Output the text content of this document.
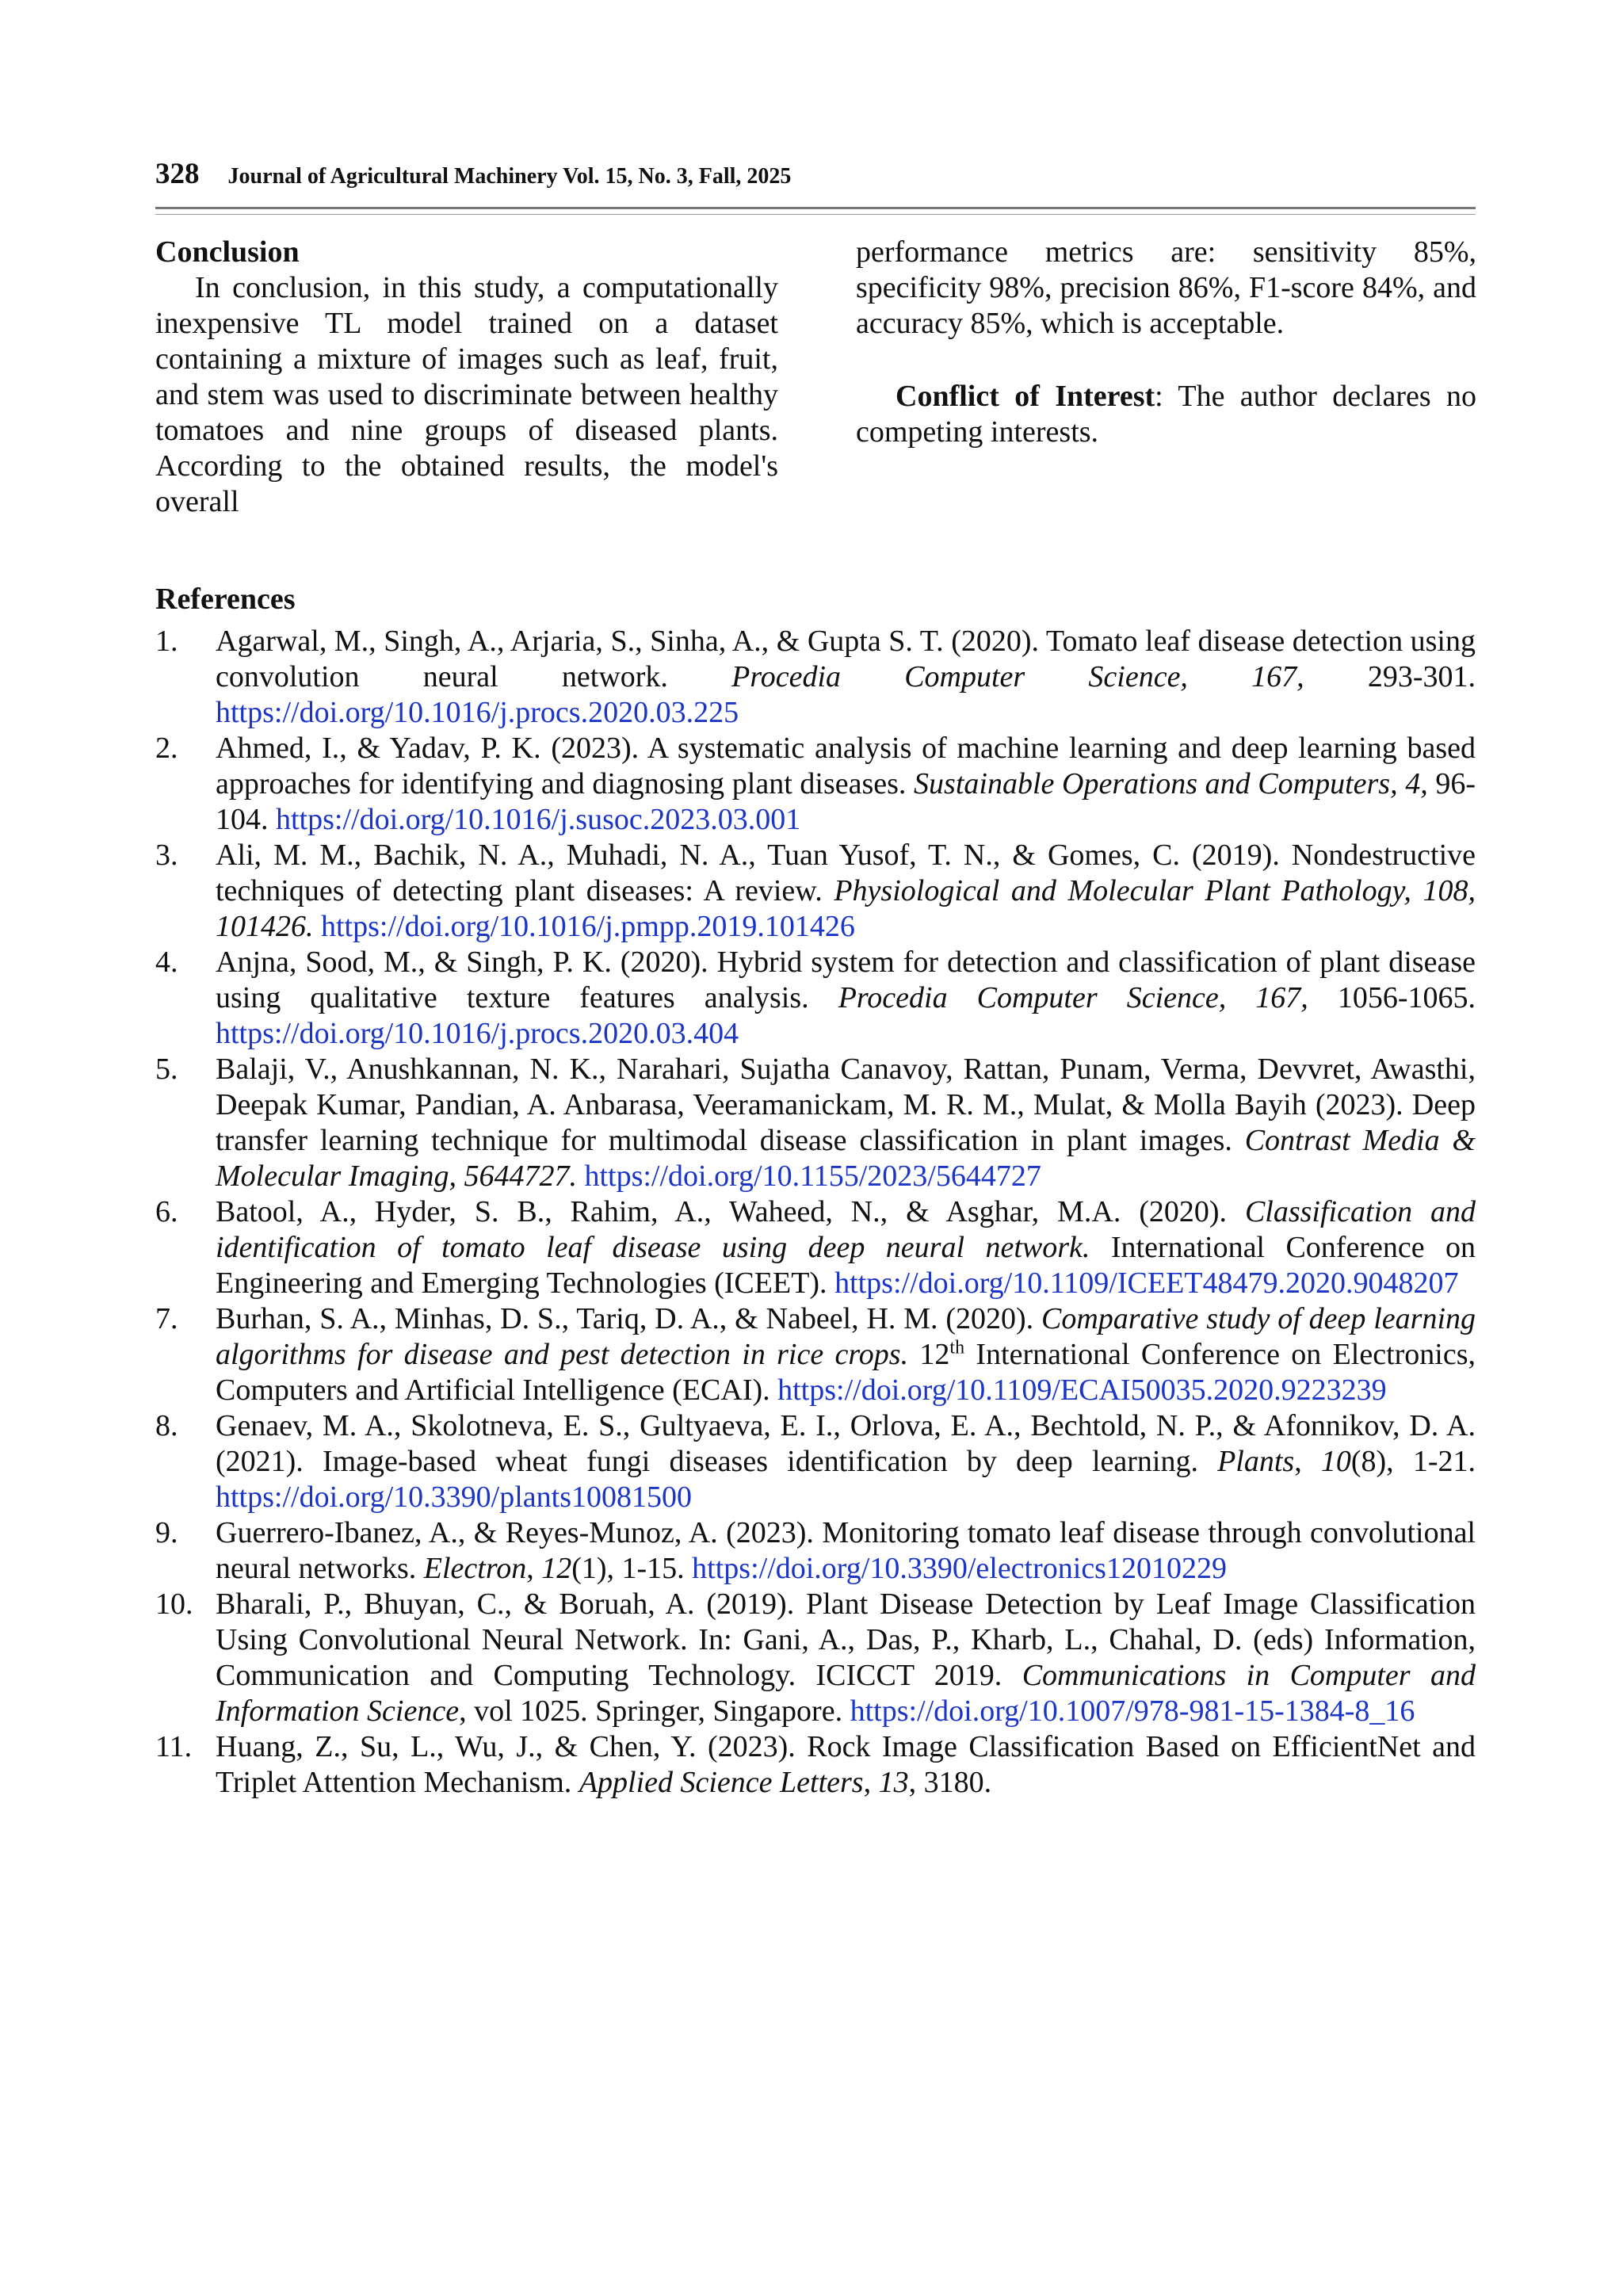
328 Journal of Agricultural Machinery Vol. 15, No. 3, Fall, 2025
Conclusion

In conclusion, in this study, a computationally inexpensive TL model trained on a dataset containing a mixture of images such as leaf, fruit, and stem was used to discriminate between healthy tomatoes and nine groups of diseased plants. According to the obtained results, the model's overall

performance metrics are: sensitivity 85%, specificity 98%, precision 86%, F1-score 84%, and accuracy 85%, which is acceptable.

Conflict of Interest: The author declares no competing interests.

References
1. Agarwal, M., Singh, A., Arjaria, S., Sinha, A., & Gupta S. T. (2020). Tomato leaf disease detection using convolution neural network. Procedia Computer Science, 167, 293-301. https://doi.org/10.1016/j.procs.2020.03.225
2. Ahmed, I., & Yadav, P. K. (2023). A systematic analysis of machine learning and deep learning based approaches for identifying and diagnosing plant diseases. Sustainable Operations and Computers, 4, 96-104. https://doi.org/10.1016/j.susoc.2023.03.001
3. Ali, M. M., Bachik, N. A., Muhadi, N. A., Tuan Yusof, T. N., & Gomes, C. (2019). Nondestructive techniques of detecting plant diseases: A review. Physiological and Molecular Plant Pathology, 108, 101426. https://doi.org/10.1016/j.pmpp.2019.101426
4. Anjna, Sood, M., & Singh, P. K. (2020). Hybrid system for detection and classification of plant disease using qualitative texture features analysis. Procedia Computer Science, 167, 1056-1065. https://doi.org/10.1016/j.procs.2020.03.404
5. Balaji, V., Anushkannan, N. K., Narahari, Sujatha Canavoy, Rattan, Punam, Verma, Devvret, Awasthi, Deepak Kumar, Pandian, A. Anbarasa, Veeramanickam, M. R. M., Mulat, & Molla Bayih (2023). Deep transfer learning technique for multimodal disease classification in plant images. Contrast Media & Molecular Imaging, 5644727. https://doi.org/10.1155/2023/5644727
6. Batool, A., Hyder, S. B., Rahim, A., Waheed, N., & Asghar, M.A. (2020). Classification and identification of tomato leaf disease using deep neural network. International Conference on Engineering and Emerging Technologies (ICEET). https://doi.org/10.1109/ICEET48479.2020.9048207
7. Burhan, S. A., Minhas, D. S., Tariq, D. A., & Nabeel, H. M. (2020). Comparative study of deep learning algorithms for disease and pest detection in rice crops. 12th International Conference on Electronics, Computers and Artificial Intelligence (ECAI). https://doi.org/10.1109/ECAI50035.2020.9223239
8. Genaev, M. A., Skolotneva, E. S., Gultyaeva, E. I., Orlova, E. A., Bechtold, N. P., & Afonnikov, D. A. (2021). Image-based wheat fungi diseases identification by deep learning. Plants, 10(8), 1-21. https://doi.org/10.3390/plants10081500
9. Guerrero-Ibanez, A., & Reyes-Munoz, A. (2023). Monitoring tomato leaf disease through convolutional neural networks. Electron, 12(1), 1-15. https://doi.org/10.3390/electronics12010229
10. Bharali, P., Bhuyan, C., & Boruah, A. (2019). Plant Disease Detection by Leaf Image Classification Using Convolutional Neural Network. In: Gani, A., Das, P., Kharb, L., Chahal, D. (eds) Information, Communication and Computing Technology. ICICCT 2019. Communications in Computer and Information Science, vol 1025. Springer, Singapore. https://doi.org/10.1007/978-981-15-1384-8_16
11. Huang, Z., Su, L., Wu, J., & Chen, Y. (2023). Rock Image Classification Based on EfficientNet and Triplet Attention Mechanism. Applied Science Letters, 13, 3180.
